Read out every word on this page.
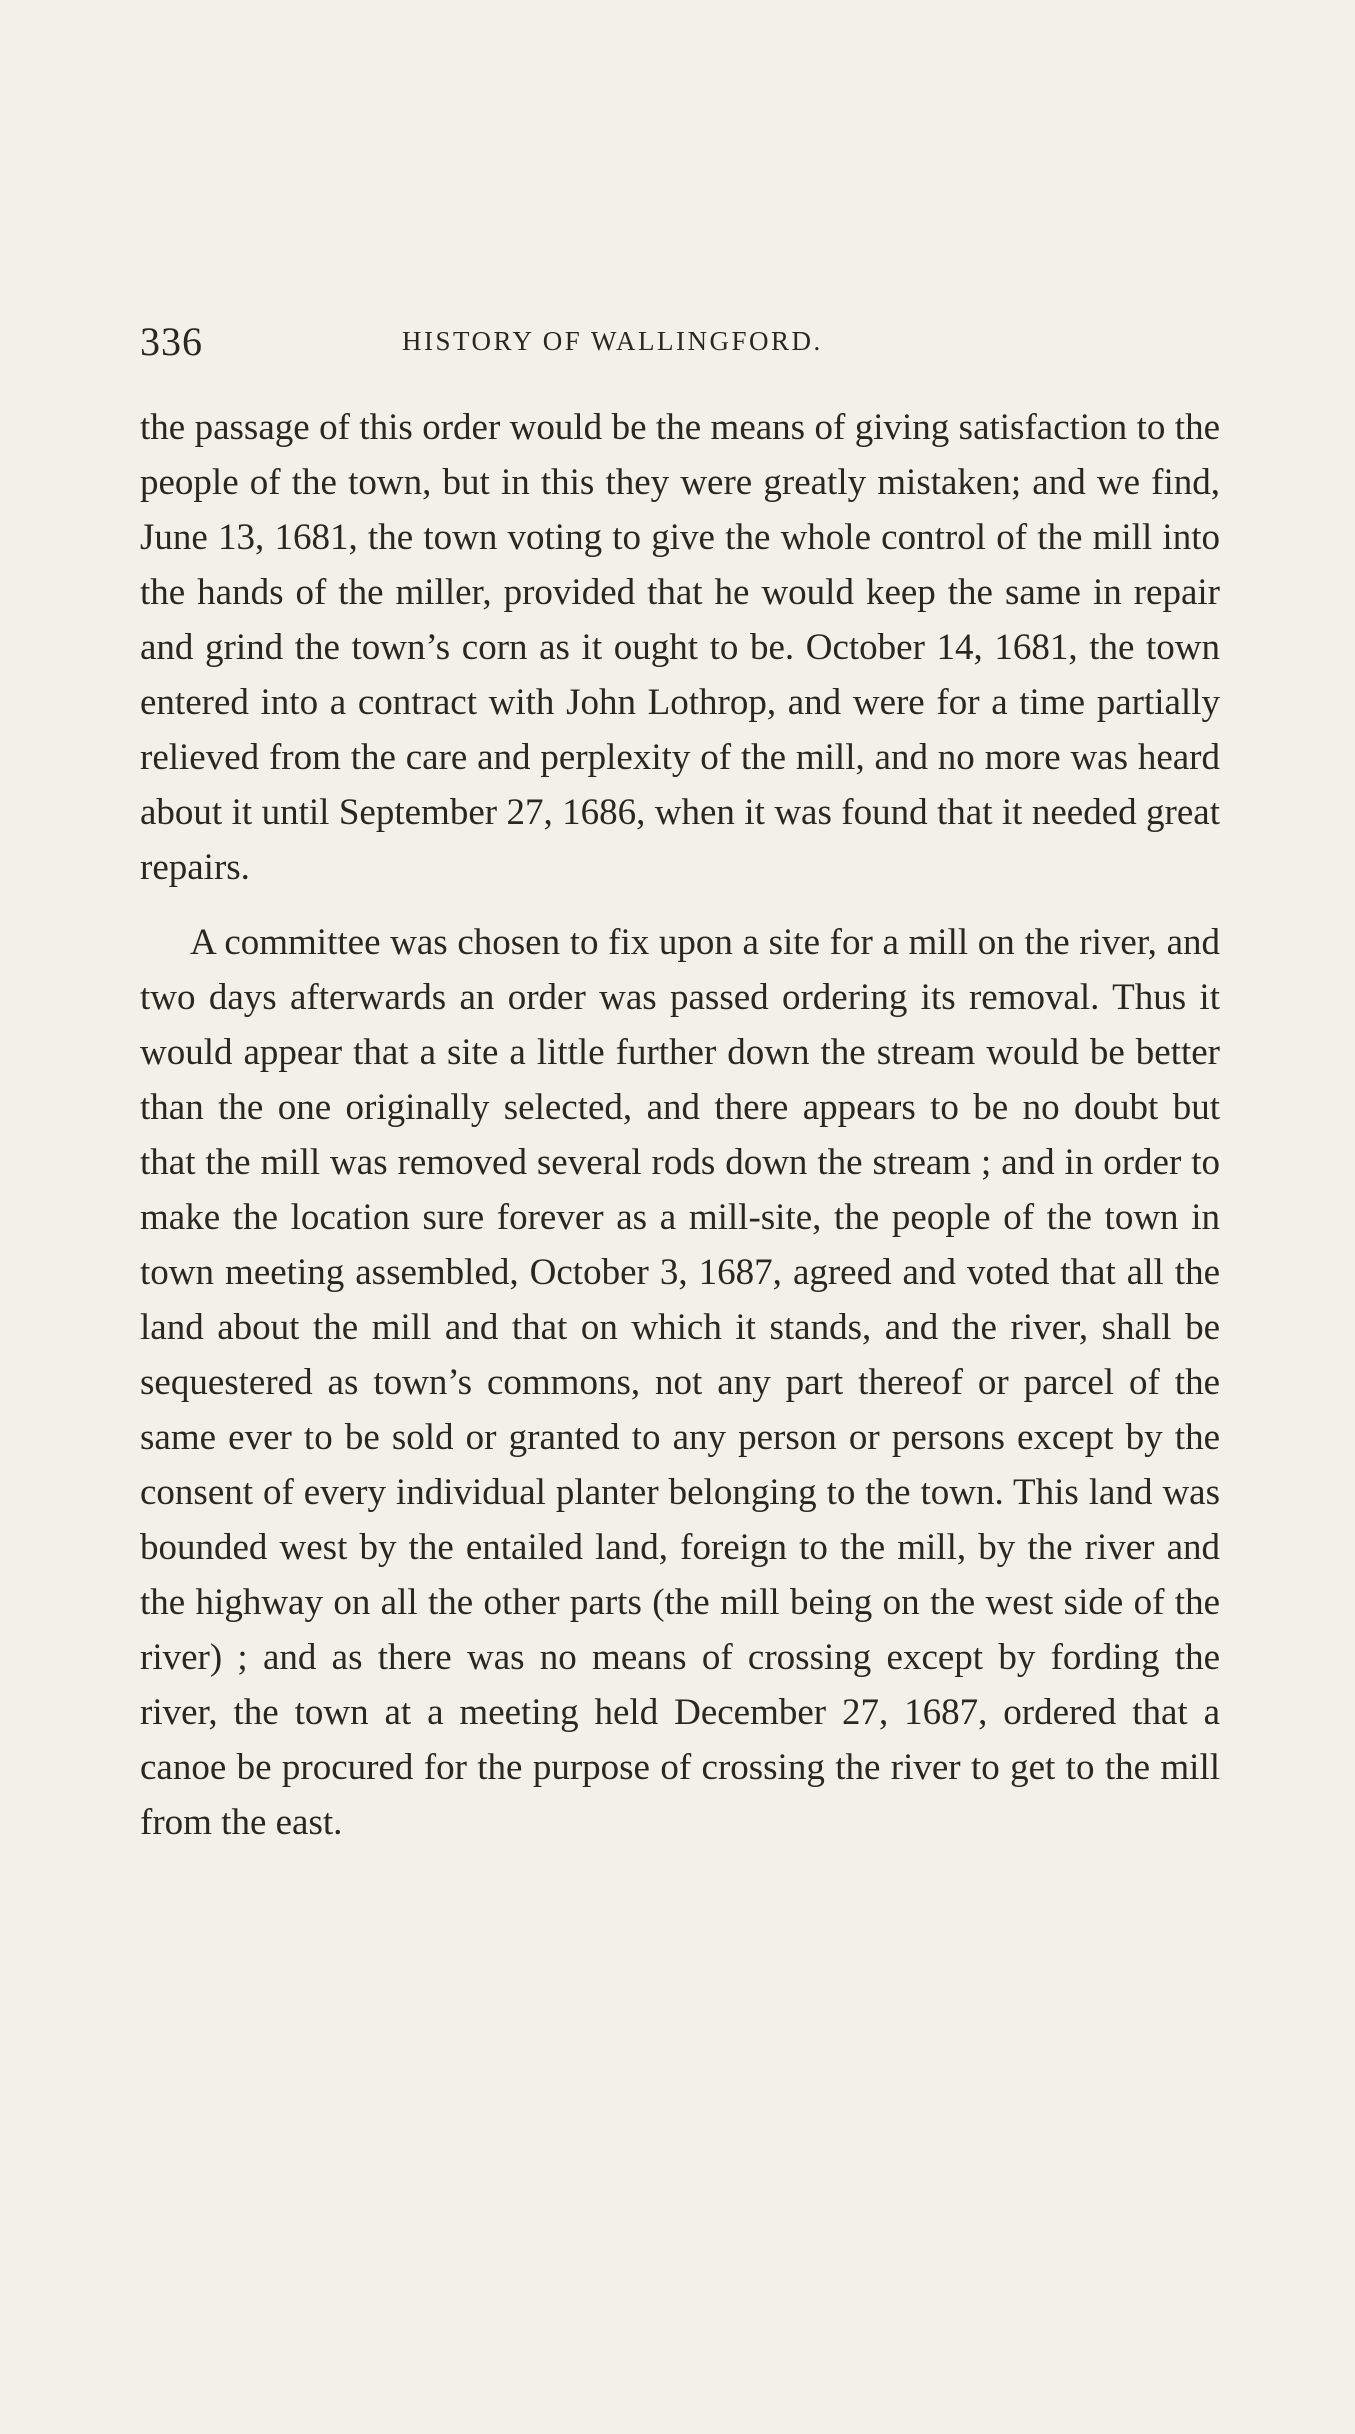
336	HISTORY OF WALLINGFORD.

the passage of this order would be the means of giving satisfaction to the people of the town, but in this they were greatly mistaken; and we find, June 13, 1681, the town voting to give the whole control of the mill into the hands of the miller, provided that he would keep the same in repair and grind the town’s corn as it ought to be. October 14, 1681, the town entered into a contract with John Lothrop, and were for a time partially relieved from the care and perplexity of the mill, and no more was heard about it until September 27, 1686, when it was found that it needed great repairs.

A committee was chosen to fix upon a site for a mill on the river, and two days afterwards an order was passed ordering its removal. Thus it would appear that a site a little further down the stream would be better than the one originally selected, and there appears to be no doubt but that the mill was removed several rods down the stream ; and in order to make the location sure forever as a mill-site, the people of the town in town meeting assembled, October 3, 1687, agreed and voted that all the land about the mill and that on which it stands, and the river, shall be sequestered as town’s commons, not any part thereof or parcel of the same ever to be sold or granted to any person or persons except by the consent of every individual planter belonging to the town. This land was bounded west by the entailed land, foreign to the mill, by the river and the highway on all the other parts (the mill being on the west side of the river) ; and as there was no means of crossing except by fording the river, the town at a meeting held December 27, 1687, ordered that a canoe be procured for the purpose of crossing the river to get to the mill from the east.
